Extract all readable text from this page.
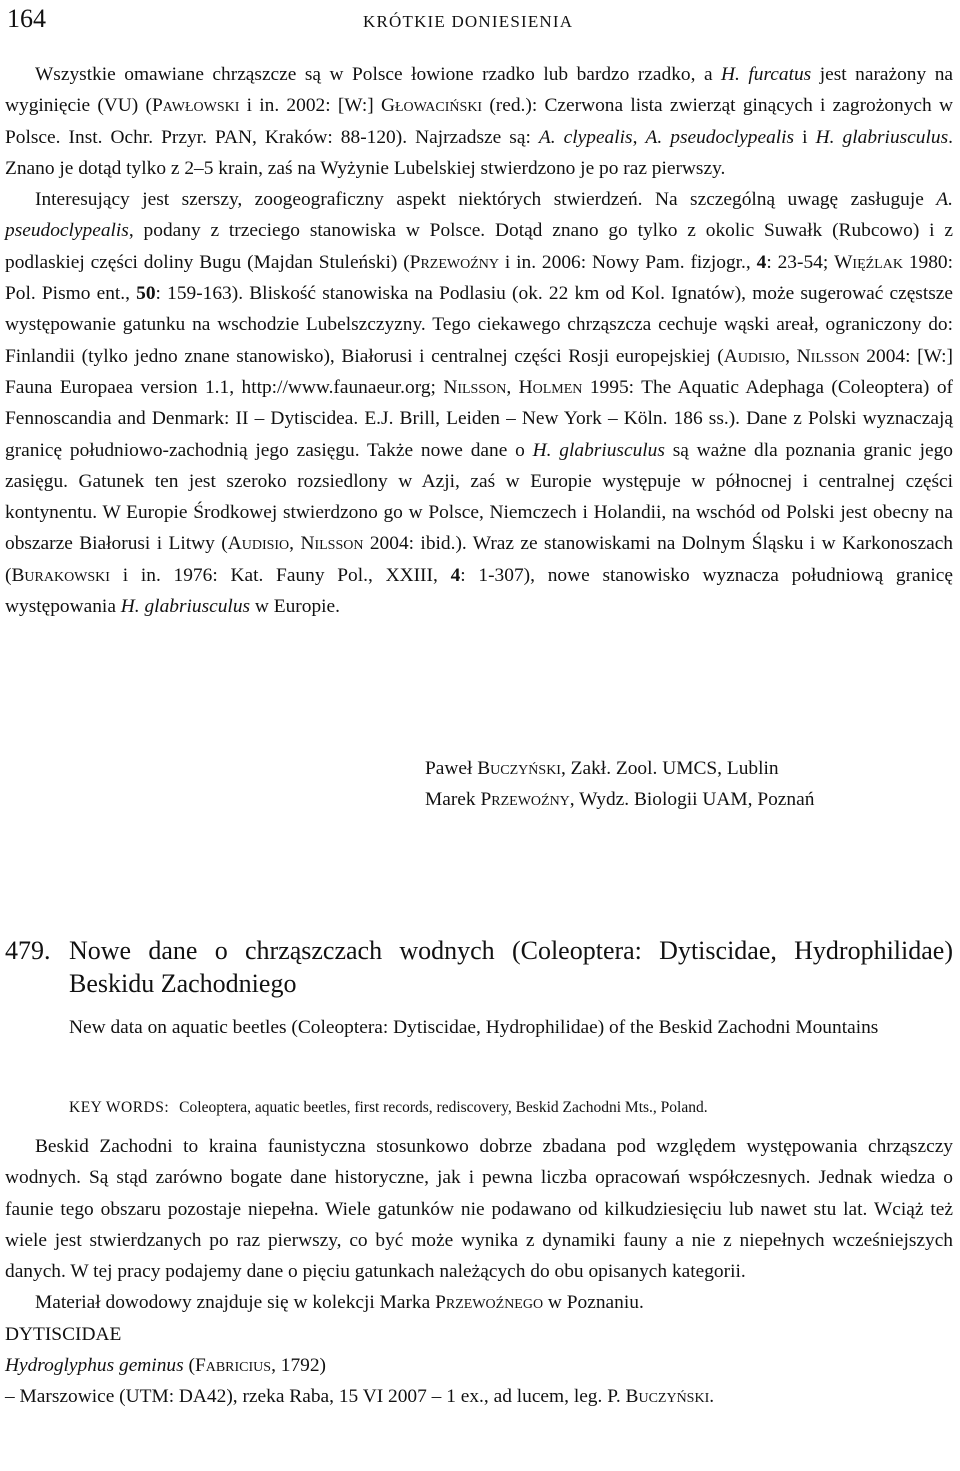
164	KRÓTKIE DONIESIENIA

Wszystkie omawiane chrząszcze są w Polsce łowione rzadko lub bardzo rzadko, a H. furcatus jest narażony na wyginięcie (VU) (Pawłowski i in. 2002: [W:] Głowaciński (red.): Czerwona lista zwierząt ginących i zagrożonych w Polsce. Inst. Ochr. Przyr. PAN, Kraków: 88-120). Najrzadsze są: A. clypealis, A. pseudoclypealis i H. glabriusculus. Znano je dotąd tylko z 2–5 krain, zaś na Wyżynie Lubelskiej stwierdzono je po raz pierwszy.

Interesujący jest szerszy, zoogeograficzny aspekt niektórych stwierdzeń. Na szczególną uwagę zasługuje A. pseudoclypealis, podany z trzeciego stanowiska w Polsce. Dotąd znano go tylko z okolic Suwałk (Rubcowo) i z podlaskiej części doliny Bugu (Majdan Stuleński) (Przewoźny i in. 2006: Nowy Pam. fizjogr., 4: 23-54; Więźlak 1980: Pol. Pismo ent., 50: 159-163). Bliskość stanowiska na Podlasiu (ok. 22 km od Kol. Ignatów), może sugerować częstsze występowanie gatunku na wschodzie Lubelszczyzny. Tego ciekawego chrząszcza cechuje wąski areał, ograniczony do: Finlandii (tylko jedno znane stanowisko), Białorusi i centralnej części Rosji europejskiej (Audisio, Nilsson 2004: [W:] Fauna Europaea version 1.1, http://www.faunaeur.org; Nilsson, Holmen 1995: The Aquatic Adephaga (Coleoptera) of Fennoscandia and Denmark: II – Dytiscidea. E.J. Brill, Leiden – New York – Köln. 186 ss.). Dane z Polski wyznaczają granicę południowo-zachodnią jego zasięgu. Także nowe dane o H. glabriusculus są ważne dla poznania granic jego zasięgu. Gatunek ten jest szeroko rozsiedlony w Azji, zaś w Europie występuje w północnej i centralnej części kontynentu. W Europie Środkowej stwierdzono go w Polsce, Niemczech i Holandii, na wschód od Polski jest obecny na obszarze Białorusi i Litwy (Audisio, Nilsson 2004: ibid.). Wraz ze stanowiskami na Dolnym Śląsku i w Karkonoszach (Burakowski i in. 1976: Kat. Fauny Pol., XXIII, 4: 1-307), nowe stanowisko wyznacza południową granicę występowania H. glabriusculus w Europie.

Paweł Buczyński, Zakł. Zool. UMCS, Lublin
Marek Przewoźny, Wydz. Biologii UAM, Poznań
479. Nowe dane o chrząszczach wodnych (Coleoptera: Dytiscidae, Hydrophilidae) Beskidu Zachodniego
New data on aquatic beetles (Coleoptera: Dytiscidae, Hydrophilidae) of the Beskid Zachodni Mountains
KEY WORDS: Coleoptera, aquatic beetles, first records, rediscovery, Beskid Zachodni Mts., Poland.

Beskid Zachodni to kraina faunistyczna stosunkowo dobrze zbadana pod względem występowania chrząszczy wodnych. Są stąd zarówno bogate dane historyczne, jak i pewna liczba opracowań współczesnych. Jednak wiedza o faunie tego obszaru pozostaje niepełna. Wiele gatunków nie podawano od kilkudziesięciu lub nawet stu lat. Wciąż też wiele jest stwierdzanych po raz pierwszy, co być może wynika z dynamiki fauny a nie z niepełnych wcześniejszych danych. W tej pracy podajemy dane o pięciu gatunkach należących do obu opisanych kategorii.

Materiał dowodowy znajduje się w kolekcji Marka Przewoźnego w Poznaniu.

DYTISCIDAE
Hydroglyphus geminus (Fabricius, 1792)
– Marszowice (UTM: DA42), rzeka Raba, 15 VI 2007 – 1 ex., ad lucem, leg. P. Buczyński.
